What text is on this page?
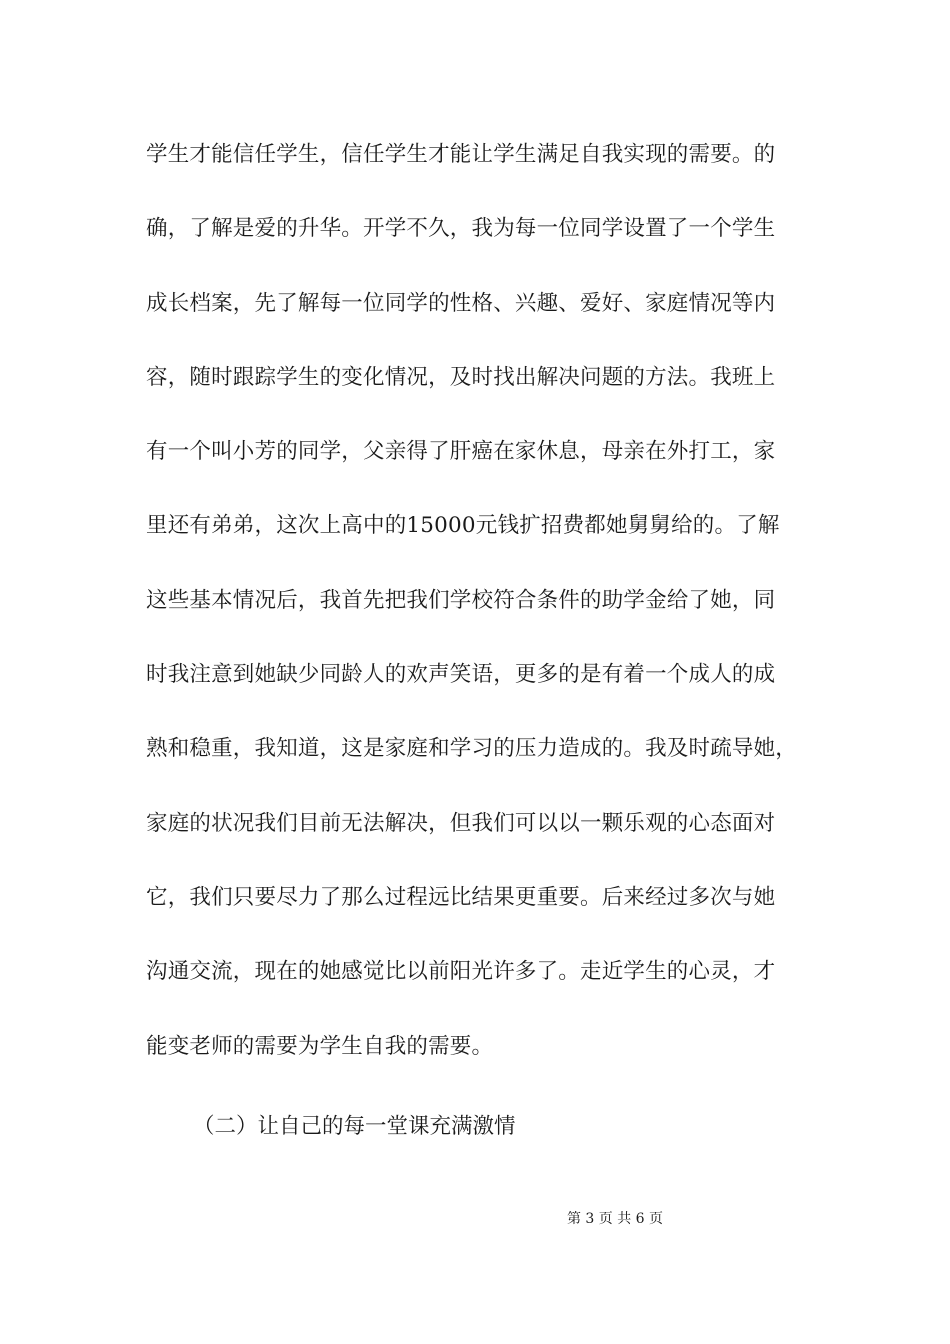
学生才能信任学生，信任学生才能让学生满足自我实现的需要。的
确，了解是爱的升华。开学不久，我为每一位同学设置了一个学生
成长档案，先了解每一位同学的性格、兴趣、爱好、家庭情况等内
容，随时跟踪学生的变化情况，及时找出解决问题的方法。我班上
有一个叫小芳的同学，父亲得了肝癌在家休息，母亲在外打工，家
里还有弟弟，这次上高中的15000元钱扩招费都她舅舅给的。了解
这些基本情况后，我首先把我们学校符合条件的助学金给了她，同
时我注意到她缺少同龄人的欢声笑语，更多的是有着一个成人的成
熟和稳重，我知道，这是家庭和学习的压力造成的。我及时疏导她，
家庭的状况我们目前无法解决，但我们可以以一颗乐观的心态面对
它，我们只要尽力了那么过程远比结果更重要。后来经过多次与她
沟通交流，现在的她感觉比以前阳光许多了。走近学生的心灵，才
能变老师的需要为学生自我的需要。
（二）让自己的每一堂课充满激情
第 3 页 共 6 页
